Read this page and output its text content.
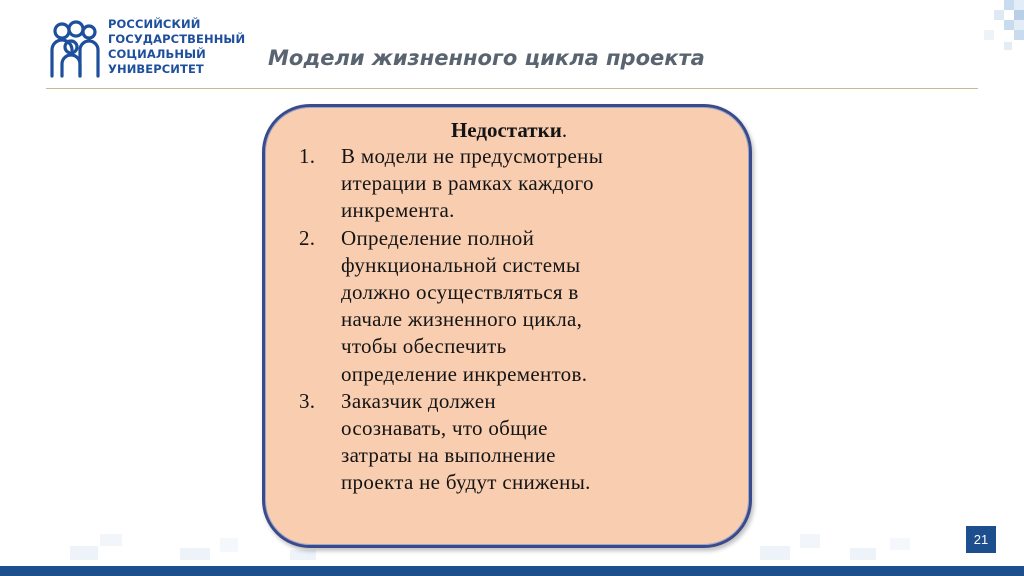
РОССИЙСКИЙ
ГОСУДАРСТВЕННЫЙ
СОЦИАЛЬНЫЙ
УНИВЕРСИТЕТ	Модели жизненного цикла проекта
Недостатки.
1. В модели не предусмотрены
итерации в рамках каждого
инкремента.
2. Определение полной
функциональной системы
должно осуществляться в
начале жизненного цикла,
чтобы обеспечить
определение инкрементов.
3. Заказчик должен
осознавать, что общие
затраты на выполнение
проекта не будут снижены.
21
